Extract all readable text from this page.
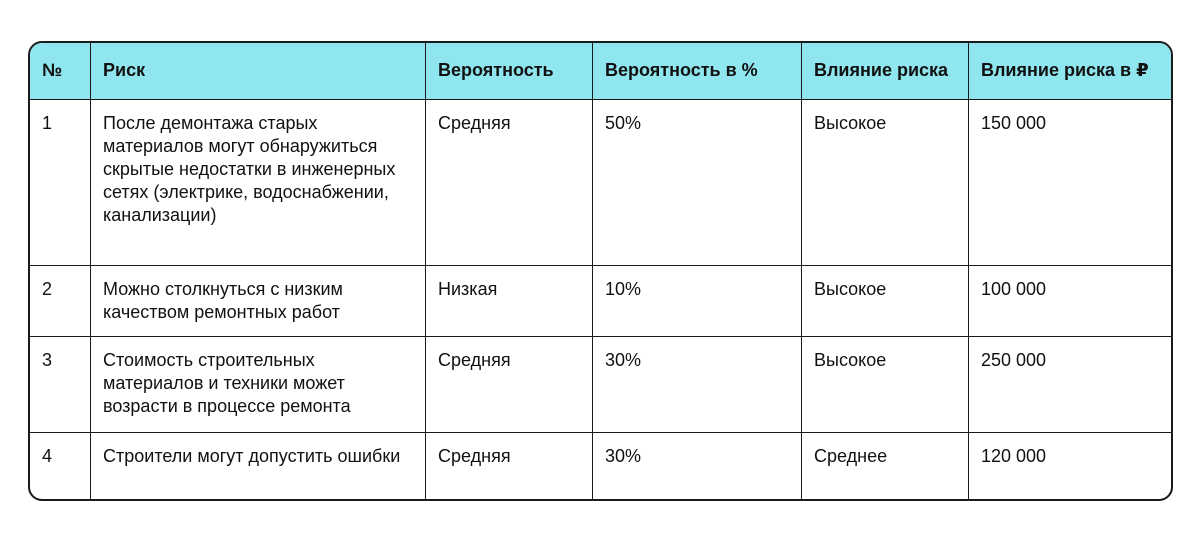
№	Риск	Вероятность	Вероятность в %	Влияние риска	Влияние риска в ₽
1	После демонтажа старых материалов могут обнаружиться скрытые недостатки в инженерных сетях (электрике, водоснабжении, канализации)	Средняя	50%	Высокое	150 000
2	Можно столкнуться с низким качеством ремонтных работ	Низкая	10%	Высокое	100 000
3	Стоимость строительных материалов и техники может возрасти в процессе ремонта	Средняя	30%	Высокое	250 000
4	Строители могут допустить ошибки	Средняя	30%	Среднее	120 000
